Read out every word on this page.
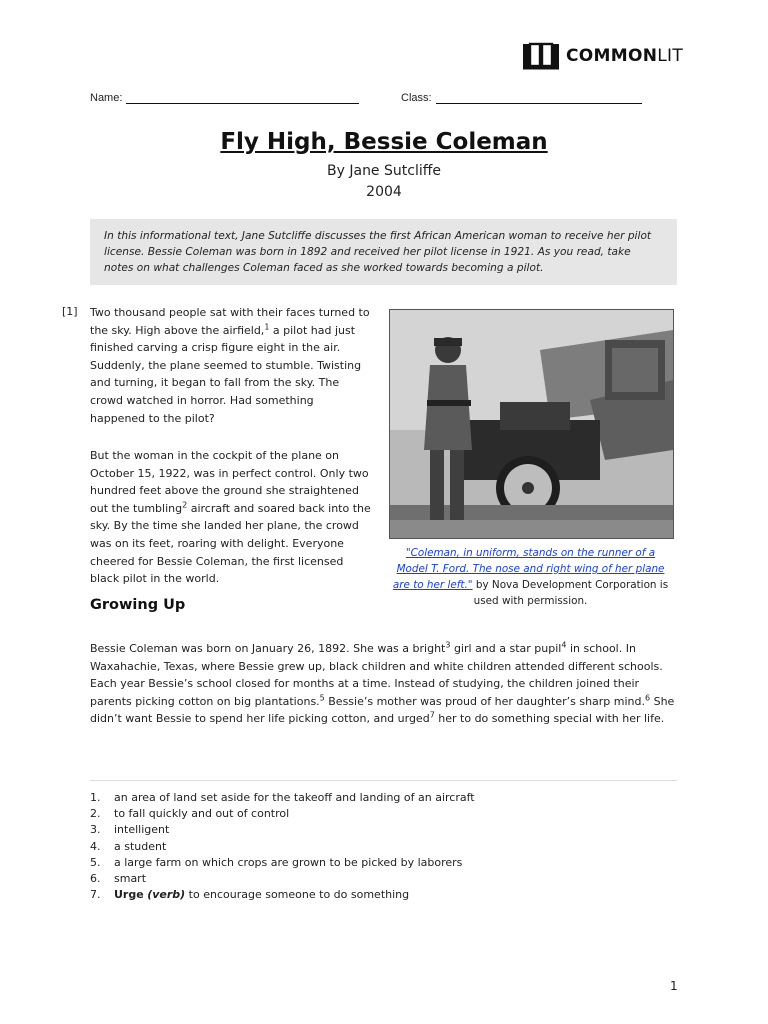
COMMONLIT
Name:	Class:
Fly High, Bessie Coleman
By Jane Sutcliffe
2004
In this informational text, Jane Sutcliffe discusses the first African American woman to receive her pilot license. Bessie Coleman was born in 1892 and received her pilot license in 1921. As you read, take notes on what challenges Coleman faced as she worked towards becoming a pilot.
[1] Two thousand people sat with their faces turned to the sky. High above the airfield,$^1$ a pilot had just finished carving a crisp figure eight in the air. Suddenly, the plane seemed to stumble. Twisting and turning, it began to fall from the sky. The crowd watched in horror. Had something happened to the pilot?
But the woman in the cockpit of the plane on October 15, 1922, was in perfect control. Only two hundred feet above the ground she straightened out the tumbling$^2$ aircraft and soared back into the sky. By the time she landed her plane, the crowd was on its feet, roaring with delight. Everyone cheered for Bessie Coleman, the first licensed black pilot in the world.
"Coleman, in uniform, stands on the runner of a Model T. Ford. The nose and right wing of her plane are to her left." by Nova Development Corporation is used with permission.
Growing Up
Bessie Coleman was born on January 26, 1892. She was a bright$^3$ girl and a star pupil$^4$ in school. In Waxahachie, Texas, where Bessie grew up, black children and white children attended different schools. Each year Bessie’s school closed for months at a time. Instead of studying, the children joined their parents picking cotton on big plantations.$^5$ Bessie’s mother was proud of her daughter’s sharp mind.$^6$ She didn’t want Bessie to spend her life picking cotton, and urged$^7$ her to do something special with her life.
1.	an area of land set aside for the takeoff and landing of an aircraft
2.	to fall quickly and out of control
3.	intelligent
4.	a student
5.	a large farm on which crops are grown to be picked by laborers
6.	smart
7.	Urge (verb) to encourage someone to do something
1
